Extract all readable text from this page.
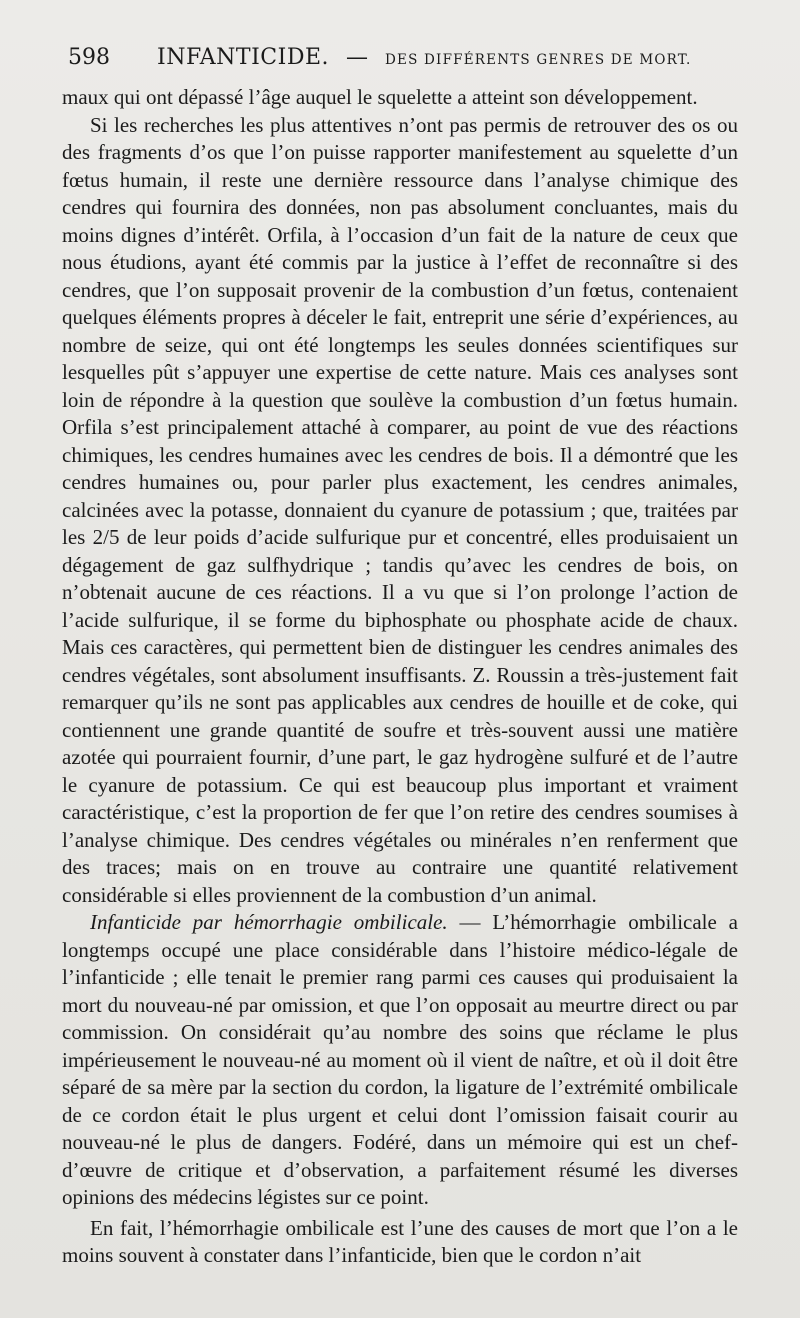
598 INFANTICIDE. — DES DIFFÉRENTS GENRES DE MORT.

maux qui ont dépassé l’âge auquel le squelette a atteint son développement.

Si les recherches les plus attentives n’ont pas permis de retrouver des os ou des fragments d’os que l’on puisse rapporter manifestement au squelette d’un fœtus humain, il reste une dernière ressource dans l’analyse chimique des cendres qui fournira des données, non pas absolument concluantes, mais du moins dignes d’intérêt. Orfila, à l’occasion d’un fait de la nature de ceux que nous étudions, ayant été commis par la justice à l’effet de reconnaître si des cendres, que l’on supposait provenir de la combustion d’un fœtus, contenaient quelques éléments propres à déceler le fait, entreprit une série d’expériences, au nombre de seize, qui ont été longtemps les seules données scientifiques sur lesquelles pût s’appuyer une expertise de cette nature. Mais ces analyses sont loin de répondre à la question que soulève la combustion d’un fœtus humain. Orfila s’est principalement attaché à comparer, au point de vue des réactions chimiques, les cendres humaines avec les cendres de bois. Il a démontré que les cendres humaines ou, pour parler plus exactement, les cendres animales, calcinées avec la potasse, donnaient du cyanure de potassium ; que, traitées par les 2/5 de leur poids d’acide sulfurique pur et concentré, elles produisaient un dégagement de gaz sulfhydrique ; tandis qu’avec les cendres de bois, on n’obtenait aucune de ces réactions. Il a vu que si l’on prolonge l’action de l’acide sulfurique, il se forme du biphosphate ou phosphate acide de chaux. Mais ces caractères, qui permettent bien de distinguer les cendres animales des cendres végétales, sont absolument insuffisants. Z. Roussin a très-justement fait remarquer qu’ils ne sont pas applicables aux cendres de houille et de coke, qui contiennent une grande quantité de soufre et très-souvent aussi une matière azotée qui pourraient fournir, d’une part, le gaz hydrogène sulfuré et de l’autre le cyanure de potassium. Ce qui est beaucoup plus important et vraiment caractéristique, c’est la proportion de fer que l’on retire des cendres soumises à l’analyse chimique. Des cendres végétales ou minérales n’en renferment que des traces; mais on en trouve au contraire une quantité relativement considérable si elles proviennent de la combustion d’un animal.

Infanticide par hémorrhagie ombilicale. — L’hémorrhagie ombilicale a longtemps occupé une place considérable dans l’histoire médico-légale de l’infanticide ; elle tenait le premier rang parmi ces causes qui produisaient la mort du nouveau-né par omission, et que l’on opposait au meurtre direct ou par commission. On considérait qu’au nombre des soins que réclame le plus impérieusement le nouveau-né au moment où il vient de naître, et où il doit être séparé de sa mère par la section du cordon, la ligature de l’extrémité ombilicale de ce cordon était le plus urgent et celui dont l’omission faisait courir au nouveau-né le plus de dangers. Fodéré, dans un mémoire qui est un chef-d’œuvre de critique et d’observation, a parfaitement résumé les diverses opinions des médecins légistes sur ce point.

En fait, l’hémorrhagie ombilicale est l’une des causes de mort que l’on a le moins souvent à constater dans l’infanticide, bien que le cordon n’ait
